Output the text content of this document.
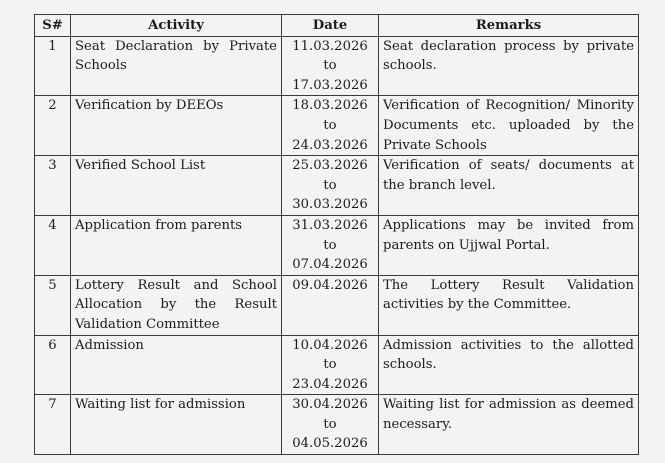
S#	Activity	Date	Remarks
1	Seat Declaration by Private Schools	11.03.2026
to
17.03.2026	Seat declaration process by private schools.
2	Verification by DEEOs	18.03.2026
to
24.03.2026	Verification of Recognition/ Minority Documents etc. uploaded by the Private Schools
3	Verified School List	25.03.2026
to
30.03.2026	Verification of seats/ documents at the branch level.
4	Application from parents	31.03.2026
to
07.04.2026	Applications may be invited from parents on Ujjwal Portal.
5	Lottery Result and School Allocation by the Result Validation Committee	09.04.2026	The Lottery Result Validation activities by the Committee.
6	Admission	10.04.2026
to
23.04.2026	Admission activities to the allotted schools.
7	Waiting list for admission	30.04.2026
to
04.05.2026	Waiting list for admission as deemed necessary.
